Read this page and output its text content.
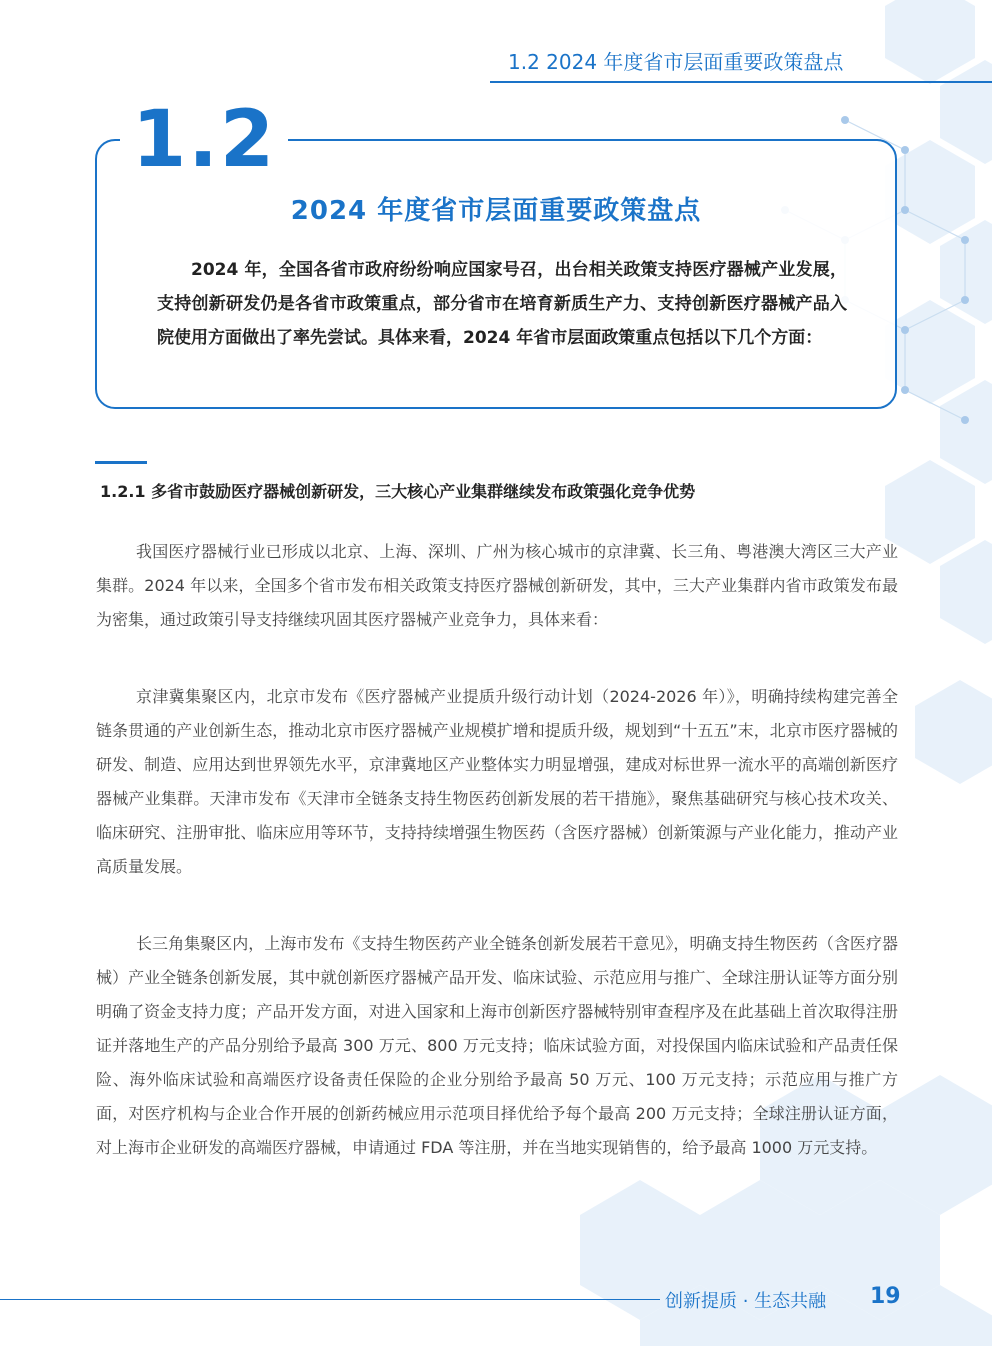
1.2 2024 年度省市层面重要政策盘点
1.2
2024 年度省市层面重要政策盘点

2024 年，全国各省市政府纷纷响应国家号召，出台相关政策支持医疗器械产业发展，支持创新研发仍是各省市政策重点，部分省市在培育新质生产力、支持创新医疗器械产品入院使用方面做出了率先尝试。具体来看，2024 年省市层面政策重点包括以下几个方面：

1.2.1 多省市鼓励医疗器械创新研发，三大核心产业集群继续发布政策强化竞争优势

我国医疗器械行业已形成以北京、上海、深圳、广州为核心城市的京津冀、长三角、粤港澳大湾区三大产业集群。2024 年以来，全国多个省市发布相关政策支持医疗器械创新研发，其中，三大产业集群内省市政策发布最为密集，通过政策引导支持继续巩固其医疗器械产业竞争力，具体来看：

京津冀集聚区内，北京市发布《医疗器械产业提质升级行动计划（2024-2026 年）》，明确持续构建完善全链条贯通的产业创新生态，推动北京市医疗器械产业规模扩增和提质升级，规划到“十五五”末，北京市医疗器械的研发、制造、应用达到世界领先水平，京津冀地区产业整体实力明显增强，建成对标世界一流水平的高端创新医疗器械产业集群。天津市发布《天津市全链条支持生物医药创新发展的若干措施》，聚焦基础研究与核心技术攻关、临床研究、注册审批、临床应用等环节，支持持续增强生物医药（含医疗器械）创新策源与产业化能力，推动产业高质量发展。

长三角集聚区内，上海市发布《支持生物医药产业全链条创新发展若干意见》，明确支持生物医药（含医疗器械）产业全链条创新发展，其中就创新医疗器械产品开发、临床试验、示范应用与推广、全球注册认证等方面分别明确了资金支持力度；产品开发方面，对进入国家和上海市创新医疗器械特别审查程序及在此基础上首次取得注册证并落地生产的产品分别给予最高 300 万元、800 万元支持；临床试验方面，对投保国内临床试验和产品责任保险、海外临床试验和高端医疗设备责任保险的企业分别给予最高 50 万元、100 万元支持；示范应用与推广方面，对医疗机构与企业合作开展的创新药械应用示范项目择优给予每个最高 200 万元支持；全球注册认证方面，对上海市企业研发的高端医疗器械，申请通过 FDA 等注册，并在当地实现销售的，给予最高 1000 万元支持。

创新提质 · 生态共融 19
